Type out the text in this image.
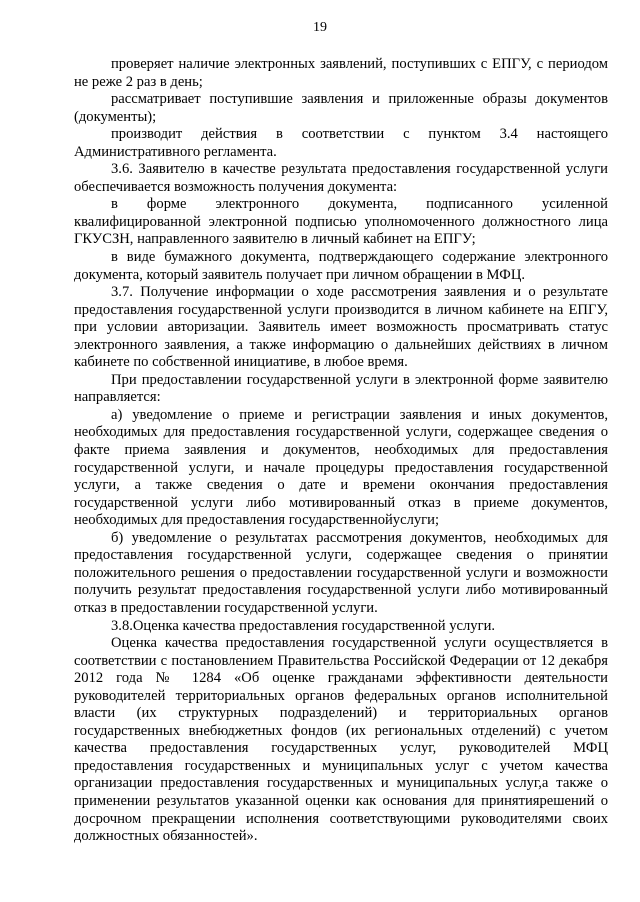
19

проверяет наличие электронных заявлений, поступивших с ЕПГУ, с периодом не реже 2 раз в день;

рассматривает поступившие заявления и приложенные образы документов (документы);

производит действия в соответствии с пунктом 3.4 настоящего Административного регламента.

3.6. Заявителю в качестве результата предоставления государственной услуги обеспечивается возможность получения документа:

в форме электронного документа, подписанного усиленной квалифицированной электронной подписью уполномоченного должностного лица ГКУСЗН, направленного заявителю в личный кабинет на ЕПГУ;

в виде бумажного документа, подтверждающего содержание электронного документа, который заявитель получает при личном обращении в МФЦ.

3.7. Получение информации о ходе рассмотрения заявления и о результате предоставления государственной услуги производится в личном кабинете на ЕПГУ, при условии авторизации. Заявитель имеет возможность просматривать статус электронного заявления, а также информацию о дальнейших действиях в личном кабинете по собственной инициативе, в любое время.

При предоставлении государственной услуги в электронной форме заявителю направляется:

а) уведомление о приеме и регистрации заявления и иных документов, необходимых для предоставления государственной услуги, содержащее сведения о факте приема заявления и документов, необходимых для предоставления государственной услуги, и начале процедуры предоставления государственной услуги, а также сведения о дате и времени окончания предоставления государственной услуги либо мотивированный отказ в приеме документов, необходимых для предоставления государственнойуслуги;

б) уведомление о результатах рассмотрения документов, необходимых для предоставления государственной услуги, содержащее сведения о принятии положительного решения о предоставлении государственной услуги и возможности получить результат предоставления государственной услуги либо мотивированный отказ в предоставлении государственной услуги.

3.8.Оценка качества предоставления государственной услуги.

Оценка качества предоставления государственной услуги осуществляется в соответствии с постановлением Правительства Российской Федерации от 12 декабря 2012 года № 1284 «Об оценке гражданами эффективности деятельности руководителей территориальных органов федеральных органов исполнительной власти (их структурных подразделений) и территориальных органов государственных внебюджетных фондов (их региональных отделений) с учетом качества предоставления государственных услуг, руководителей МФЦ предоставления государственных и муниципальных услуг с учетом качества организации предоставления государственных и муниципальных услуг,а также о применении результатов указанной оценки как основания для принятиярешений о досрочном прекращении исполнения соответствующими руководителями своих должностных обязанностей».
